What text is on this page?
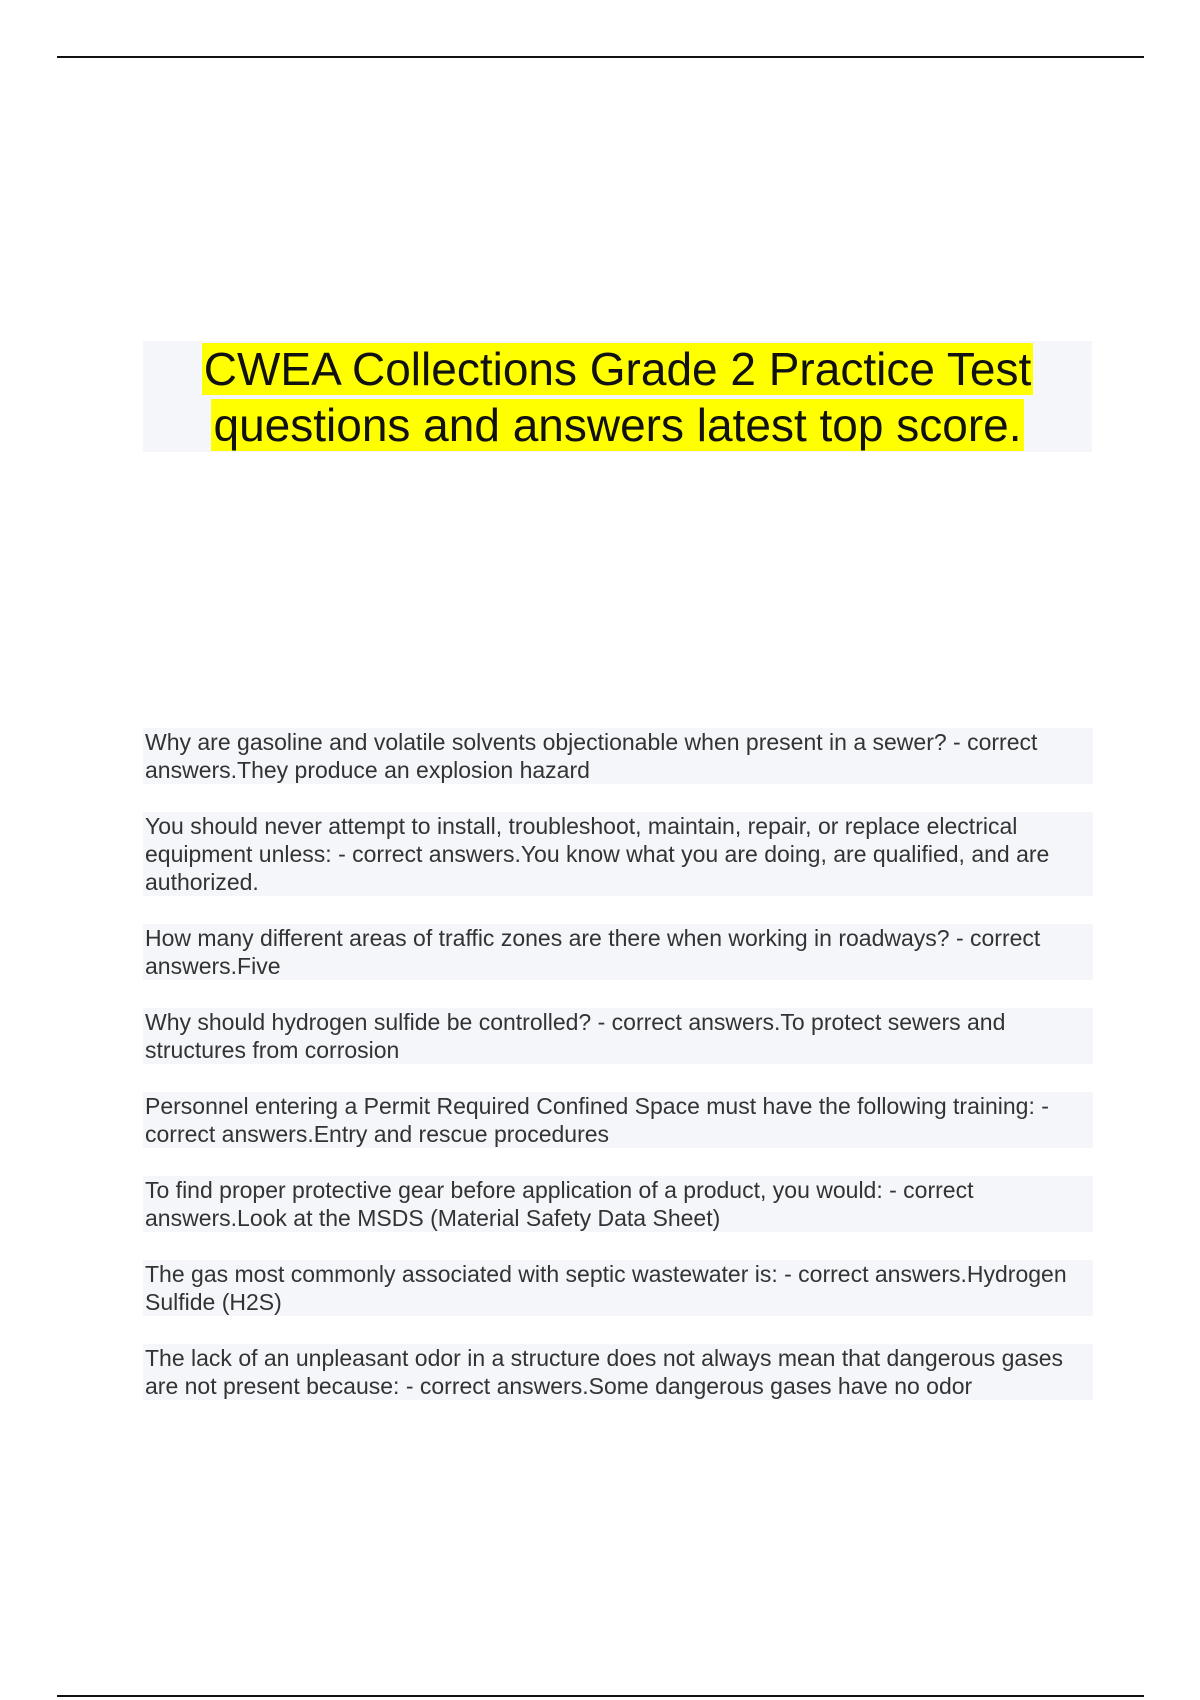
CWEA Collections Grade 2 Practice Test questions and answers latest top score.

Why are gasoline and volatile solvents objectionable when present in a sewer? - correct answers.They produce an explosion hazard

You should never attempt to install, troubleshoot, maintain, repair, or replace electrical equipment unless: - correct answers.You know what you are doing, are qualified, and are authorized.

How many different areas of traffic zones are there when working in roadways? - correct answers.Five

Why should hydrogen sulfide be controlled? - correct answers.To protect sewers and structures from corrosion

Personnel entering a Permit Required Confined Space must have the following training: - correct answers.Entry and rescue procedures

To find proper protective gear before application of a product, you would: - correct answers.Look at the MSDS (Material Safety Data Sheet)

The gas most commonly associated with septic wastewater is: - correct answers.Hydrogen Sulfide (H2S)

The lack of an unpleasant odor in a structure does not always mean that dangerous gases are not present because: - correct answers.Some dangerous gases have no odor
